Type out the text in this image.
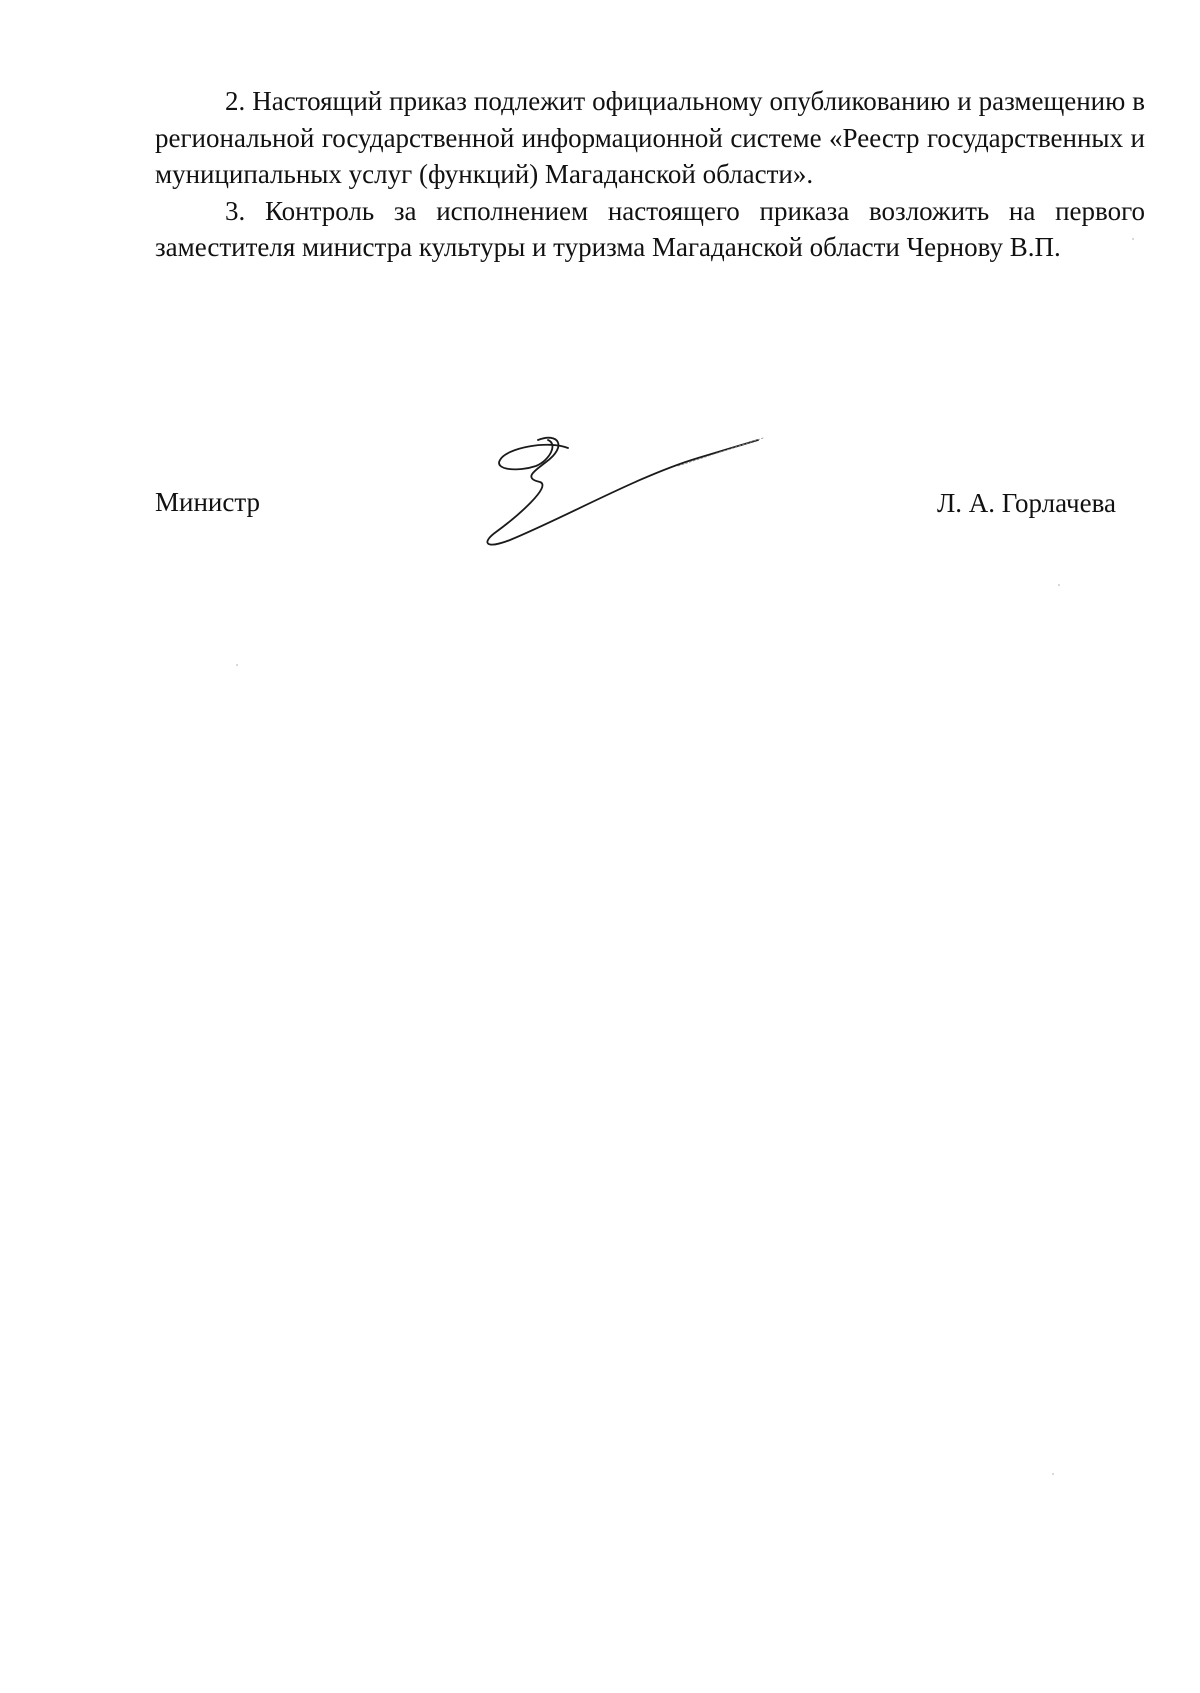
2. Настоящий приказ подлежит официальному опубликованию и размещению в региональной государственной информационной системе «Реестр государственных и муниципальных услуг (функций) Магаданской области».

3. Контроль за исполнением настоящего приказа возложить на первого заместителя министра культуры и туризма Магаданской области Чернову В.П.

Министр	Л. А. Горлачева
